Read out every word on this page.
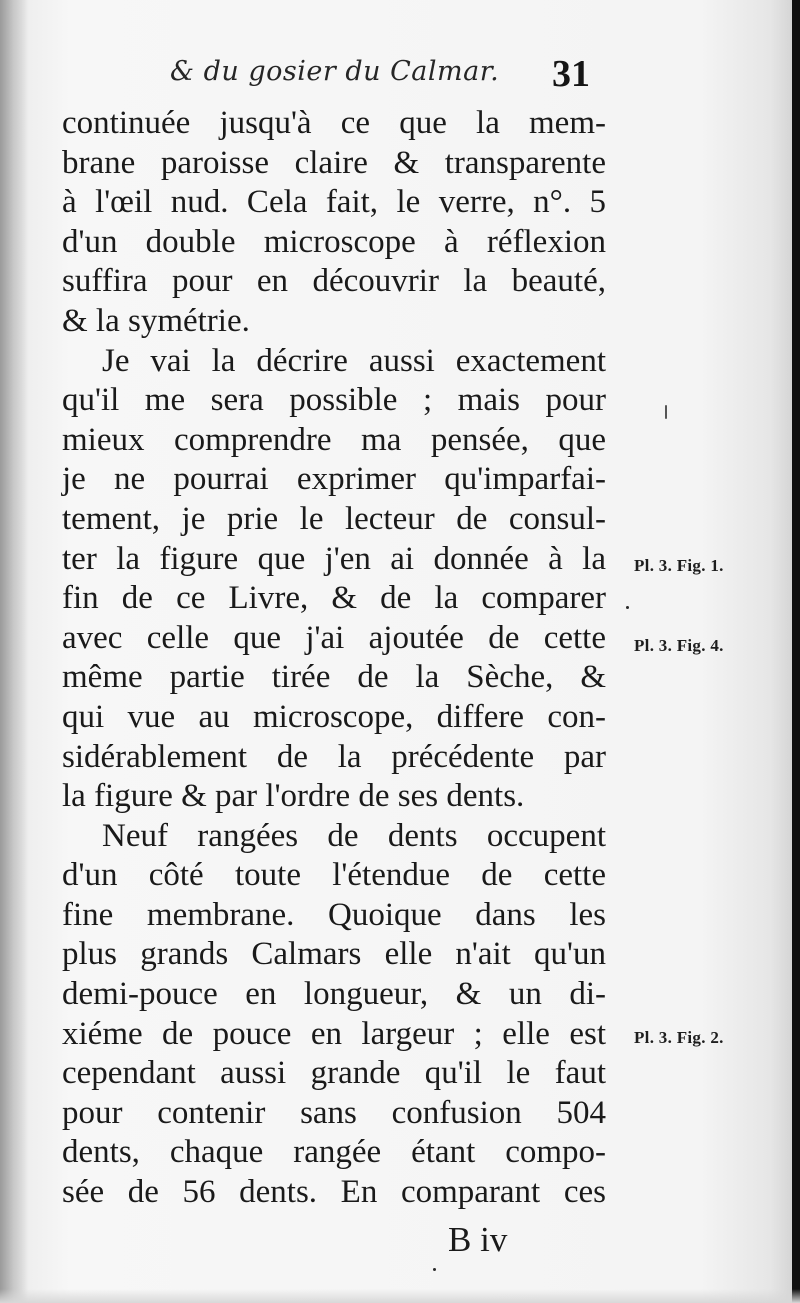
& du gosier du Calmar. 31
continuée jusqu'à ce que la mem-
brane paroisse claire & transparente
à l'œil nud. Cela fait, le verre, n°. 5
d'un double microscope à réflexion
suffira pour en découvrir la beauté,
& la symétrie.
Je vai la décrire aussi exactement
qu'il me sera possible ; mais pour
mieux comprendre ma pensée, que
je ne pourrai exprimer qu'imparfai-
tement, je prie le lecteur de consul-
ter la figure que j'en ai donnée à la
fin de ce Livre, & de la comparer
avec celle que j'ai ajoutée de cette
même partie tirée de la Sèche, &
qui vue au microscope, differe con-
sidérablement de la précédente par
la figure & par l'ordre de ses dents.
Neuf rangées de dents occupent
d'un côté toute l'étendue de cette
fine membrane. Quoique dans les
plus grands Calmars elle n'ait qu'un
demi-pouce en longueur, & un di-
xiéme de pouce en largeur ; elle est
cependant aussi grande qu'il le faut
pour contenir sans confusion 504
dents, chaque rangée étant compo-
sée de 56 dents. En comparant ces
Pl. 3. Fig. 1.
Pl. 3. Fig. 4.
Pl. 3. Fig. 2.
B iv
